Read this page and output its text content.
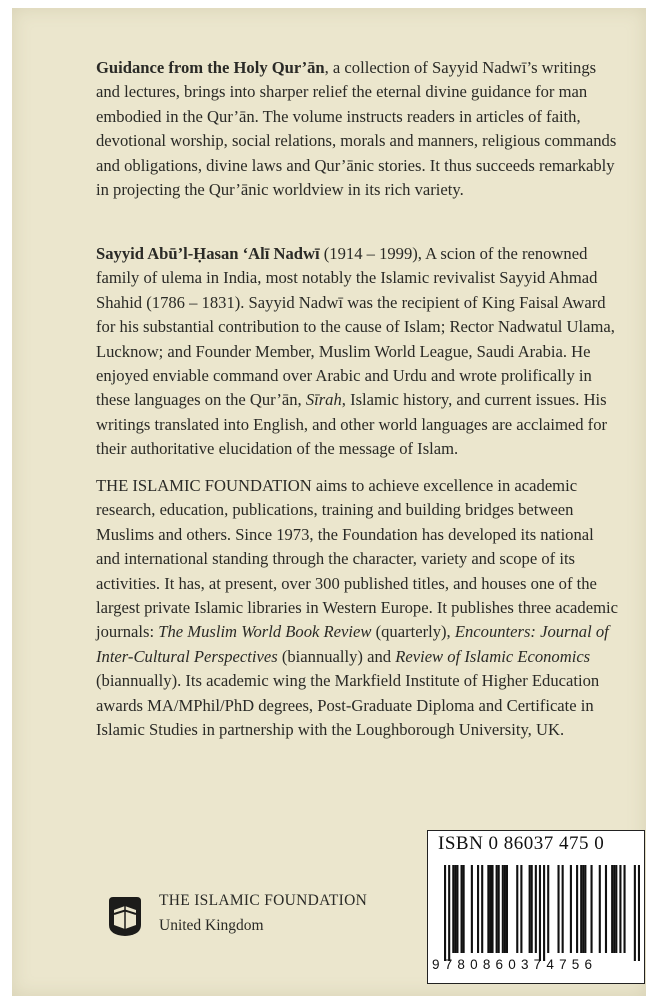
Guidance from the Holy Qur’ān, a collection of Sayyid Nadwī’s writings and lectures, brings into sharper relief the eternal divine guidance for man embodied in the Qur’ān. The volume instructs readers in articles of faith, devotional worship, social relations, morals and manners, religious commands and obligations, divine laws and Qur’ānic stories. It thus succeeds remarkably in projecting the Qur’ānic worldview in its rich variety.
Sayyid Abū’l-Ḥasan ‘Alī Nadwī (1914 – 1999), A scion of the renowned family of ulema in India, most notably the Islamic revivalist Sayyid Ahmad Shahid (1786 – 1831). Sayyid Nadwī was the recipient of King Faisal Award for his substantial contribution to the cause of Islam; Rector Nadwatul Ulama, Lucknow; and Founder Member, Muslim World League, Saudi Arabia. He enjoyed enviable command over Arabic and Urdu and wrote prolifically in these languages on the Qur’ān, Sīrah, Islamic history, and current issues. His writings translated into English, and other world languages are acclaimed for their authoritative elucidation of the message of Islam.
THE ISLAMIC FOUNDATION aims to achieve excellence in academic research, education, publications, training and building bridges between Muslims and others. Since 1973, the Foundation has developed its national and international standing through the character, variety and scope of its activities. It has, at present, over 300 published titles, and houses one of the largest private Islamic libraries in Western Europe. It publishes three academic journals: The Muslim World Book Review (quarterly), Encounters: Journal of Inter-Cultural Perspectives (biannually) and Review of Islamic Economics (biannually). Its academic wing the Markfield Institute of Higher Education awards MA/MPhil/PhD degrees, Post-Graduate Diploma and Certificate in Islamic Studies in partnership with the Loughborough University, UK.
THE ISLAMIC FOUNDATION
United Kingdom
ISBN 0 86037 475 0
9780860374756
